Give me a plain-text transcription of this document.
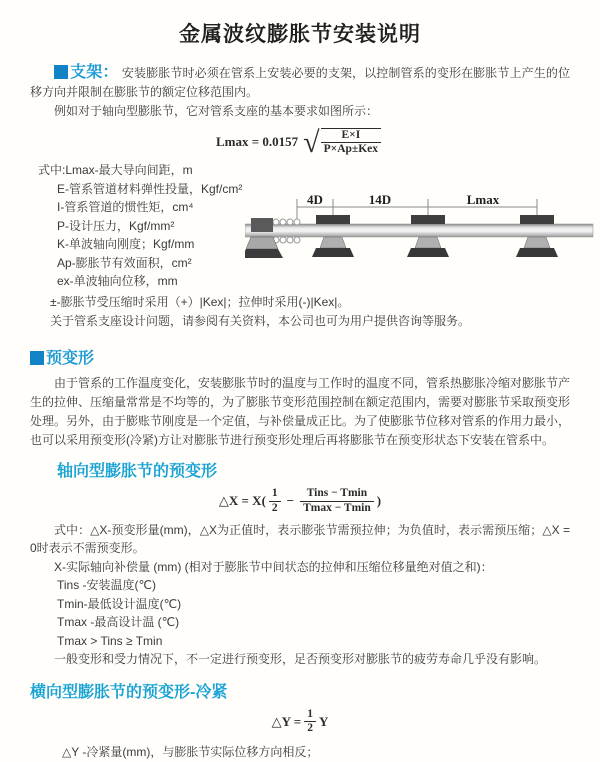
金属波纹膨胀节安装说明

支架： 安装膨胀节时必须在管系上安装必要的支架，以控制管系的变形在膨胀节上产生的位移方向并限制在膨胀节的额定位移范围内。

例如对于轴向型膨胀节，它对管系支座的基本要求如图所示：

Lmax = 0.0157 √ $\frac{E\times I}{\text{P×Ap±Kex}}$
式中:Lmax-最大导向间距，m
E-管系管道材料弹性投量，Kgf/cm²
I-管系管道的惯性矩，cm⁴
P-设计压力，Kgf/mm²
K-单波轴向刚度；Kgf/mm
Ap-膨胀节有效面积，cm²
ex-单波轴向位移，mm
4D	14D	Lmax

±-膨胀节受压缩时采用（+）|Kex|；拉伸时采用(-)|Kex|。

关于管系支座设计问题，请参阅有关资料，本公司也可为用户提供咨询等服务。

预变形

由于管系的工作温度变化，安装膨胀节时的温度与工作时的温度不同，管系热膨胀冷缩对膨胀节产生的拉伸、压缩量常常是不均等的，为了膨胀节变形范围控制在额定范围内，需要对膨胀节采取预变形处理。另外，由于膨账节刚度是一个定值，与补偿量成正比。为了使膨胀节位移对管系的作用力最小，也可以采用预变形(冷紧)方让对膨胀节进行预变形处理后再将膨胀节在预变形状态下安装在管系中。

轴向型膨胀节的预变形
△X = $X( \frac{1}{2} - \frac{\text{Tins − Tmin}}{Tmax - Tmin}$ )

式中：△X-预变形量(mm)，△X为正值时，表示膨张节需预拉伸；为负值时，表示需预压缩；△X = 0时表示不需预变形。

X-实际轴向补偿量 (mm) (相对于膨胀节中间状态的拉伸和压缩位移量绝对值之和)：

Tins -安装温度(℃)

Tmin-最低设计温度(℃)

Tmax -最高设计温 (℃)

Tmax > Tins ≥ Tmin

一般变形和受力情况下，不一定进行预变形，足否预变形对膨胀节的疲劳寿命几乎没有影响。

横向型膨胀节的预变形-冷紧
△Y = $\frac{1}{2}$ Y

△Y -冷紧量(mm)，与膨胀节实际位移方向相反；
